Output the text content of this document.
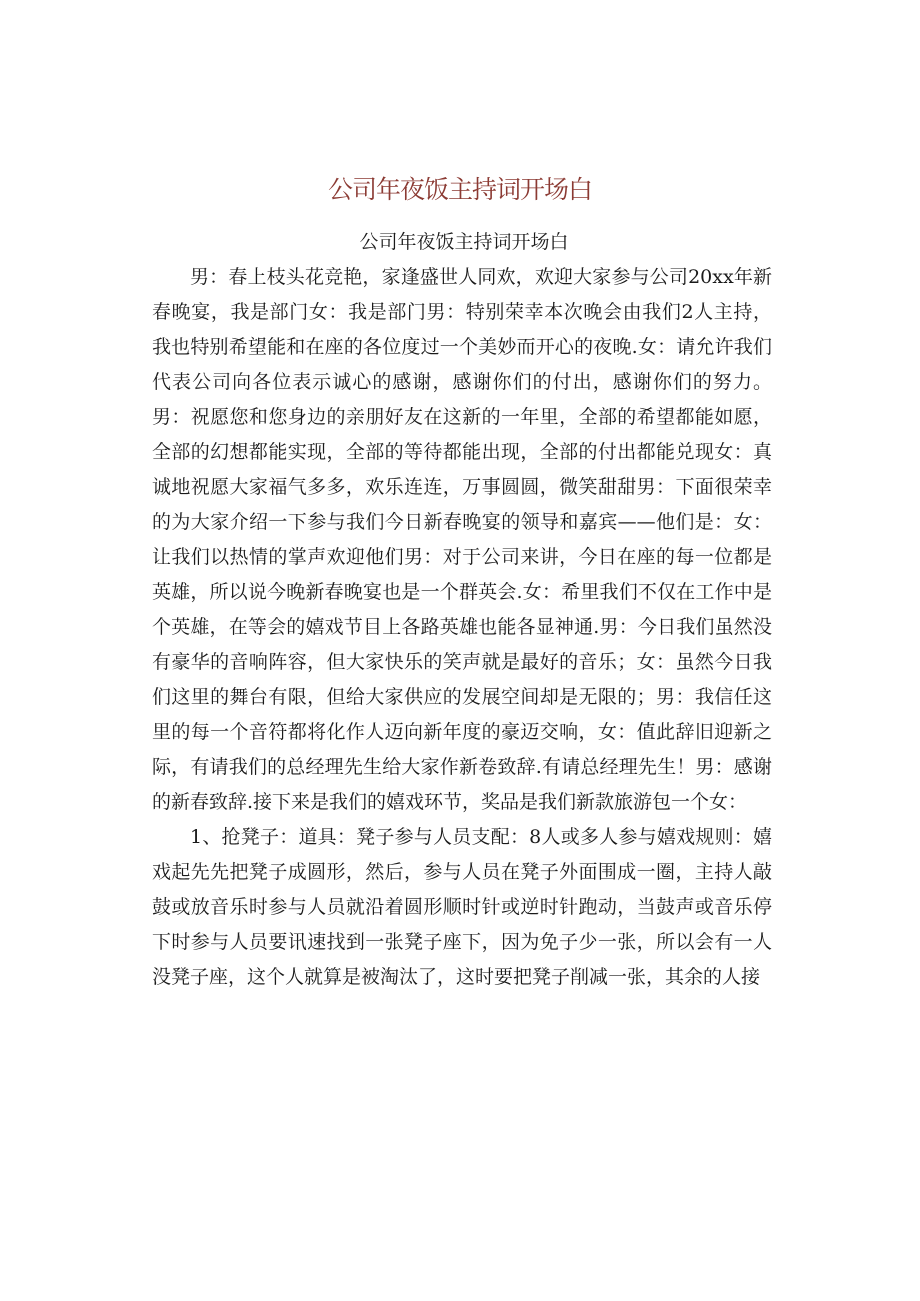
公司年夜饭主持词开场白

公司年夜饭主持词开场白

男：春上枝头花竞艳，家逢盛世人同欢，欢迎大家参与公司20xx年新春晚宴，我是部门女：我是部门男：特别荣幸本次晚会由我们2人主持，我也特别希望能和在座的各位度过一个美妙而开心的夜晚.女：请允许我们代表公司向各位表示诚心的感谢，感谢你们的付出，感谢你们的努力。男：祝愿您和您身边的亲朋好友在这新的一年里，全部的希望都能如愿，全部的幻想都能实现，全部的等待都能出现，全部的付出都能兑现女：真诚地祝愿大家福气多多，欢乐连连，万事圆圆，微笑甜甜男：下面很荣幸的为大家介绍一下参与我们今日新春晚宴的领导和嘉宾——他们是：女：让我们以热情的掌声欢迎他们男：对于公司来讲，今日在座的每一位都是英雄，所以说今晚新春晚宴也是一个群英会.女：希里我们不仅在工作中是个英雄，在等会的嬉戏节目上各路英雄也能各显神通.男：今日我们虽然没有豪华的音响阵容，但大家快乐的笑声就是最好的音乐；女：虽然今日我们这里的舞台有限，但给大家供应的发展空间却是无限的；男：我信任这里的每一个音符都将化作人迈向新年度的豪迈交响，女：值此辞旧迎新之际，有请我们的总经理先生给大家作新卷致辞.有请总经理先生！男：感谢的新春致辞.接下来是我们的嬉戏环节，奖品是我们新款旅游包一个女：

1、抢凳子：道具：凳子参与人员支配：8人或多人参与嬉戏规则：嬉戏起先先把凳子成圆形，然后，参与人员在凳子外面围成一圈，主持人敲鼓或放音乐时参与人员就沿着圆形顺时针或逆时针跑动，当鼓声或音乐停下时参与人员要讯速找到一张凳子座下，因为免子少一张，所以会有一人没凳子座，这个人就算是被淘汰了，这时要把凳子削减一张，其余的人接
